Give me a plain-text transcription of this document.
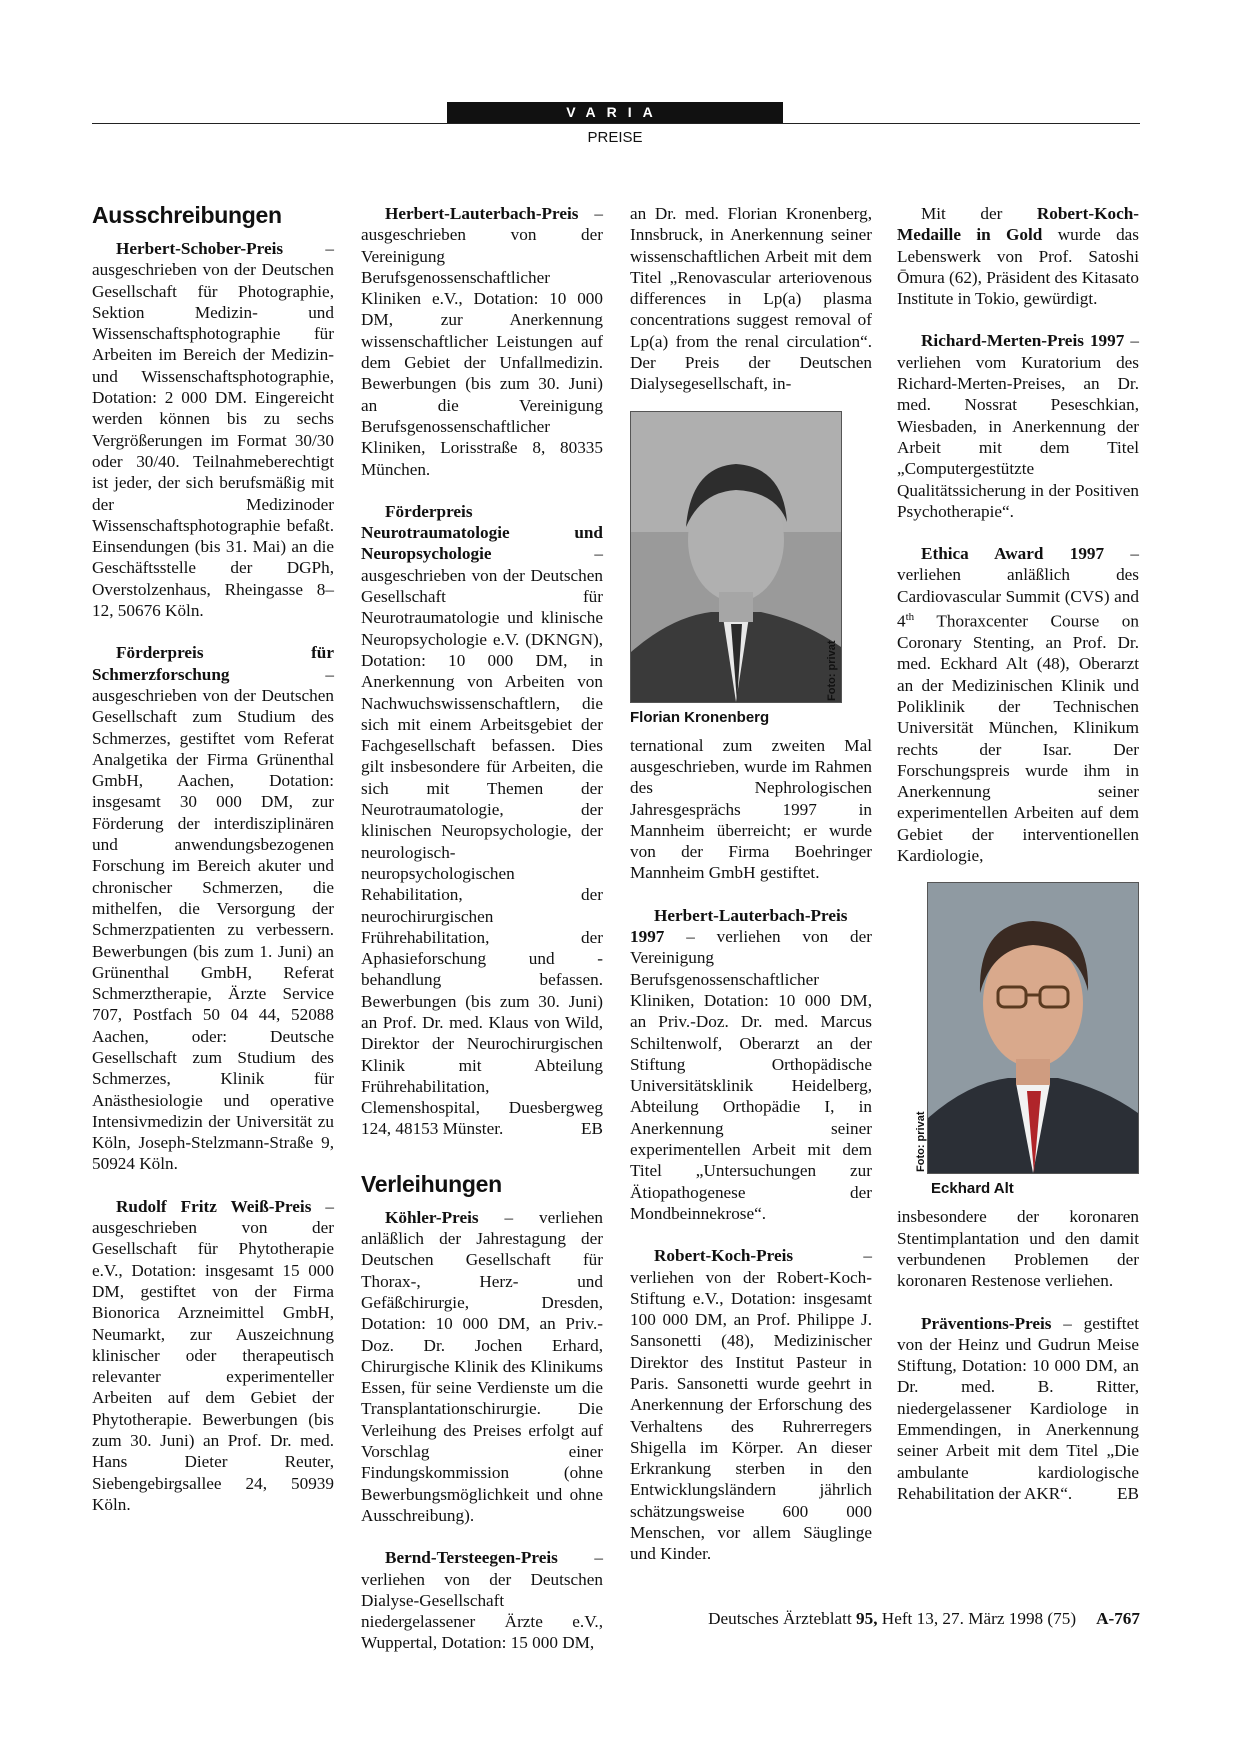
VARIA
PREISE
Ausschreibungen

Herbert-Schober-Preis – ausgeschrieben von der Deutschen Gesellschaft für Photographie, Sektion Medizin- und Wissenschaftsphotographie für Arbeiten im Bereich der Medizin- und Wissenschaftsphotographie, Dotation: 2 000 DM. Eingereicht werden können bis zu sechs Vergrößerungen im Format 30/30 oder 30/40. Teilnahmeberechtigt ist jeder, der sich berufsmäßig mit der Medizinoder Wissenschaftsphotographie befaßt. Einsendungen (bis 31. Mai) an die Geschäftsstelle der DGPh, Overstolzenhaus, Rheingasse 8–12, 50676 Köln.

Förderpreis für Schmerzforschung – ausgeschrieben von der Deutschen Gesellschaft zum Studium des Schmerzes, gestiftet vom Referat Analgetika der Firma Grünenthal GmbH, Aachen, Dotation: insgesamt 30 000 DM, zur Förderung der interdisziplinären und anwendungsbezogenen Forschung im Bereich akuter und chronischer Schmerzen, die mithelfen, die Versorgung der Schmerzpatienten zu verbessern. Bewerbungen (bis zum 1. Juni) an Grünenthal GmbH, Referat Schmerztherapie, Ärzte Service 707, Postfach 50 04 44, 52088 Aachen, oder: Deutsche Gesellschaft zum Studium des Schmerzes, Klinik für Anästhesiologie und operative Intensivmedizin der Universität zu Köln, Joseph-Stelzmann-Straße 9, 50924 Köln.

Rudolf Fritz Weiß-Preis – ausgeschrieben von der Gesellschaft für Phytotherapie e.V., Dotation: insgesamt 15 000 DM, gestiftet von der Firma Bionorica Arzneimittel GmbH, Neumarkt, zur Auszeichnung klinischer oder therapeutisch relevanter experimenteller Arbeiten auf dem Gebiet der Phytotherapie. Bewerbungen (bis zum 30. Juni) an Prof. Dr. med. Hans Dieter Reuter, Siebengebirgsallee 24, 50939 Köln.

Herbert-Lauterbach-Preis – ausgeschrieben von der Vereinigung Berufsgenossenschaftlicher Kliniken e.V., Dotation: 10 000 DM, zur Anerkennung wissenschaftlicher Leistungen auf dem Gebiet der Unfallmedizin. Bewerbungen (bis zum 30. Juni) an die Vereinigung Berufsgenossenschaftlicher Kliniken, Lorisstraße 8, 80335 München.

Förderpreis Neurotraumatologie und Neuropsychologie – ausgeschrieben von der Deutschen Gesellschaft für Neurotraumatologie und klinische Neuropsychologie e.V. (DKNGN), Dotation: 10 000 DM, in Anerkennung von Arbeiten von Nachwuchswissenschaftlern, die sich mit einem Arbeitsgebiet der Fachgesellschaft befassen. Dies gilt insbesondere für Arbeiten, die sich mit Themen der Neurotraumatologie, der klinischen Neuropsychologie, der neurologisch-neuropsychologischen Rehabilitation, der neurochirurgischen Frührehabilitation, der Aphasieforschung und -behandlung befassen. Bewerbungen (bis zum 30. Juni) an Prof. Dr. med. Klaus von Wild, Direktor der Neurochirurgischen Klinik mit Abteilung Frührehabilitation, Clemenshospital, Duesbergweg 124, 48153 Münster.	EB

Verleihungen

Köhler-Preis – verliehen anläßlich der Jahrestagung der Deutschen Gesellschaft für Thorax-, Herz- und Gefäßchirurgie, Dresden, Dotation: 10 000 DM, an Priv.-Doz. Dr. Jochen Erhard, Chirurgische Klinik des Klinikums Essen, für seine Verdienste um die Transplantationschirurgie. Die Verleihung des Preises erfolgt auf Vorschlag einer Findungskommission (ohne Bewerbungsmöglichkeit und ohne Ausschreibung).

Bernd-Tersteegen-Preis – verliehen von der Deutschen Dialyse-Gesellschaft niedergelassener Ärzte e.V., Wuppertal, Dotation: 15 000 DM,

an Dr. med. Florian Kronenberg, Innsbruck, in Anerkennung seiner wissenschaftlichen Arbeit mit dem Titel „Renovascular arteriovenous differences in Lp(a) plasma concentrations suggest removal of Lp(a) from the renal circulation“. Der Preis der Deutschen Dialysegesellschaft, in-

Foto: privat
Florian Kronenberg

ternational zum zweiten Mal ausgeschrieben, wurde im Rahmen des Nephrologischen Jahresgesprächs 1997 in Mannheim überreicht; er wurde von der Firma Boehringer Mannheim GmbH gestiftet.

Herbert-Lauterbach-Preis 1997 – verliehen von der Vereinigung Berufsgenossenschaftlicher Kliniken, Dotation: 10 000 DM, an Priv.-Doz. Dr. med. Marcus Schiltenwolf, Oberarzt an der Stiftung Orthopädische Universitätsklinik Heidelberg, Abteilung Orthopädie I, in Anerkennung seiner experimentellen Arbeit mit dem Titel „Untersuchungen zur Ätiopathogenese der Mondbeinnekrose“.

Robert-Koch-Preis – verliehen von der Robert-Koch-Stiftung e.V., Dotation: insgesamt 100 000 DM, an Prof. Philippe J. Sansonetti (48), Medizinischer Direktor des Institut Pasteur in Paris. Sansonetti wurde geehrt in Anerkennung der Erforschung des Verhaltens des Ruhrerregers Shigella im Körper. An dieser Erkrankung sterben in den Entwicklungsländern jährlich schätzungsweise 600 000 Menschen, vor allem Säuglinge und Kinder.

Mit der Robert-Koch-Medaille in Gold wurde das Lebenswerk von Prof. Satoshi Ōmura (62), Präsident des Kitasato Institute in Tokio, gewürdigt.

Richard-Merten-Preis 1997 – verliehen vom Kuratorium des Richard-Merten-Preises, an Dr. med. Nossrat Peseschkian, Wiesbaden, in Anerkennung der Arbeit mit dem Titel „Computergestützte Qualitätssicherung in der Positiven Psychotherapie“.

Ethica Award 1997 – verliehen anläßlich des Cardiovascular Summit (CVS) and 4th Thoraxcenter Course on Coronary Stenting, an Prof. Dr. med. Eckhard Alt (48), Oberarzt an der Medizinischen Klinik und Poliklinik der Technischen Universität München, Klinikum rechts der Isar. Der Forschungspreis wurde ihm in Anerkennung seiner experimentellen Arbeiten auf dem Gebiet der interventionellen Kardiologie,

Foto: privat
Eckhard Alt

insbesondere der koronaren Stentimplantation und den damit verbundenen Problemen der koronaren Restenose verliehen.

Präventions-Preis – gestiftet von der Heinz und Gudrun Meise Stiftung, Dotation: 10 000 DM, an Dr. med. B. Ritter, niedergelassener Kardiologe in Emmendingen, in Anerkennung seiner Arbeit mit dem Titel „Die ambulante kardiologische Rehabilitation der AKR“.	EB

Deutsches Ärzteblatt 95, Heft 13, 27. März 1998 (75) A-767
